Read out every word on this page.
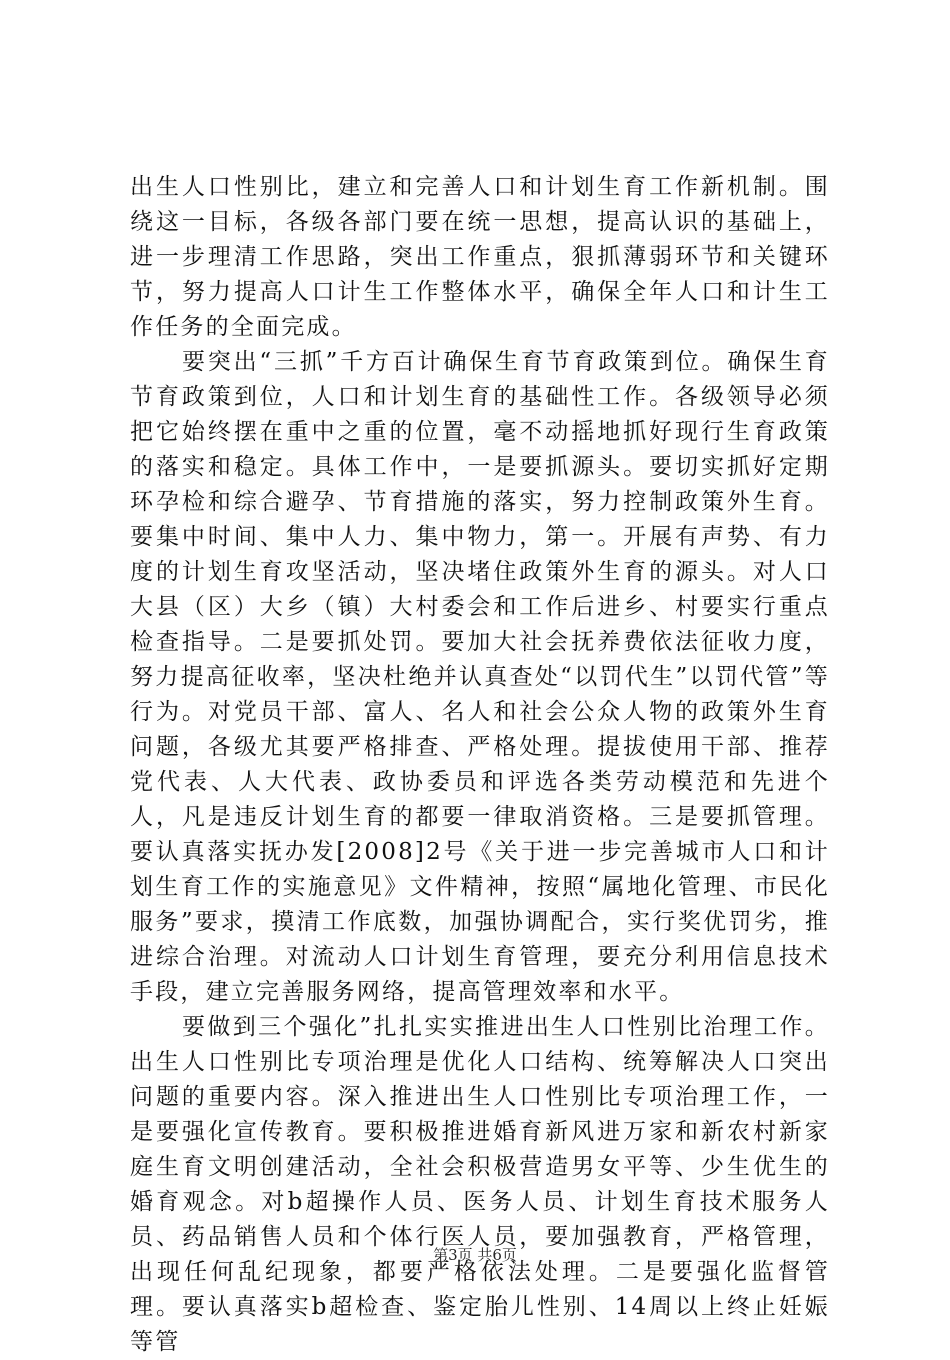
出生人口性别比，建立和完善人口和计划生育工作新机制。围绕这一目标，各级各部门要在统一思想，提高认识的基础上，进一步理清工作思路，突出工作重点，狠抓薄弱环节和关键环节，努力提高人口计生工作整体水平，确保全年人口和计生工作任务的全面完成。

要突出“三抓”千方百计确保生育节育政策到位。确保生育节育政策到位，人口和计划生育的基础性工作。各级领导必须把它始终摆在重中之重的位置，毫不动摇地抓好现行生育政策的落实和稳定。具体工作中，一是要抓源头。要切实抓好定期环孕检和综合避孕、节育措施的落实，努力控制政策外生育。要集中时间、集中人力、集中物力，第一。开展有声势、有力度的计划生育攻坚活动，坚决堵住政策外生育的源头。对人口大县（区）大乡（镇）大村委会和工作后进乡、村要实行重点检查指导。二是要抓处罚。要加大社会抚养费依法征收力度，努力提高征收率，坚决杜绝并认真查处“以罚代生”以罚代管”等行为。对党员干部、富人、名人和社会公众人物的政策外生育问题，各级尤其要严格排查、严格处理。提拔使用干部、推荐党代表、人大代表、政协委员和评选各类劳动模范和先进个人，凡是违反计划生育的都要一律取消资格。三是要抓管理。要认真落实抚办发[2008]2号《关于进一步完善城市人口和计划生育工作的实施意见》文件精神，按照“属地化管理、市民化服务”要求，摸清工作底数，加强协调配合，实行奖优罚劣，推进综合治理。对流动人口计划生育管理，要充分利用信息技术手段，建立完善服务网络，提高管理效率和水平。

要做到三个强化”扎扎实实推进出生人口性别比治理工作。出生人口性别比专项治理是优化人口结构、统筹解决人口突出问题的重要内容。深入推进出生人口性别比专项治理工作，一是要强化宣传教育。要积极推进婚育新风进万家和新农村新家庭生育文明创建活动，全社会积极营造男女平等、少生优生的婚育观念。对b超操作人员、医务人员、计划生育技术服务人员、药品销售人员和个体行医人员，要加强教育，严格管理，出现任何乱纪现象，都要严格依法处理。二是要强化监督管理。要认真落实b超检查、鉴定胎儿性别、14周以上终止妊娠等管

第3页 共6页
